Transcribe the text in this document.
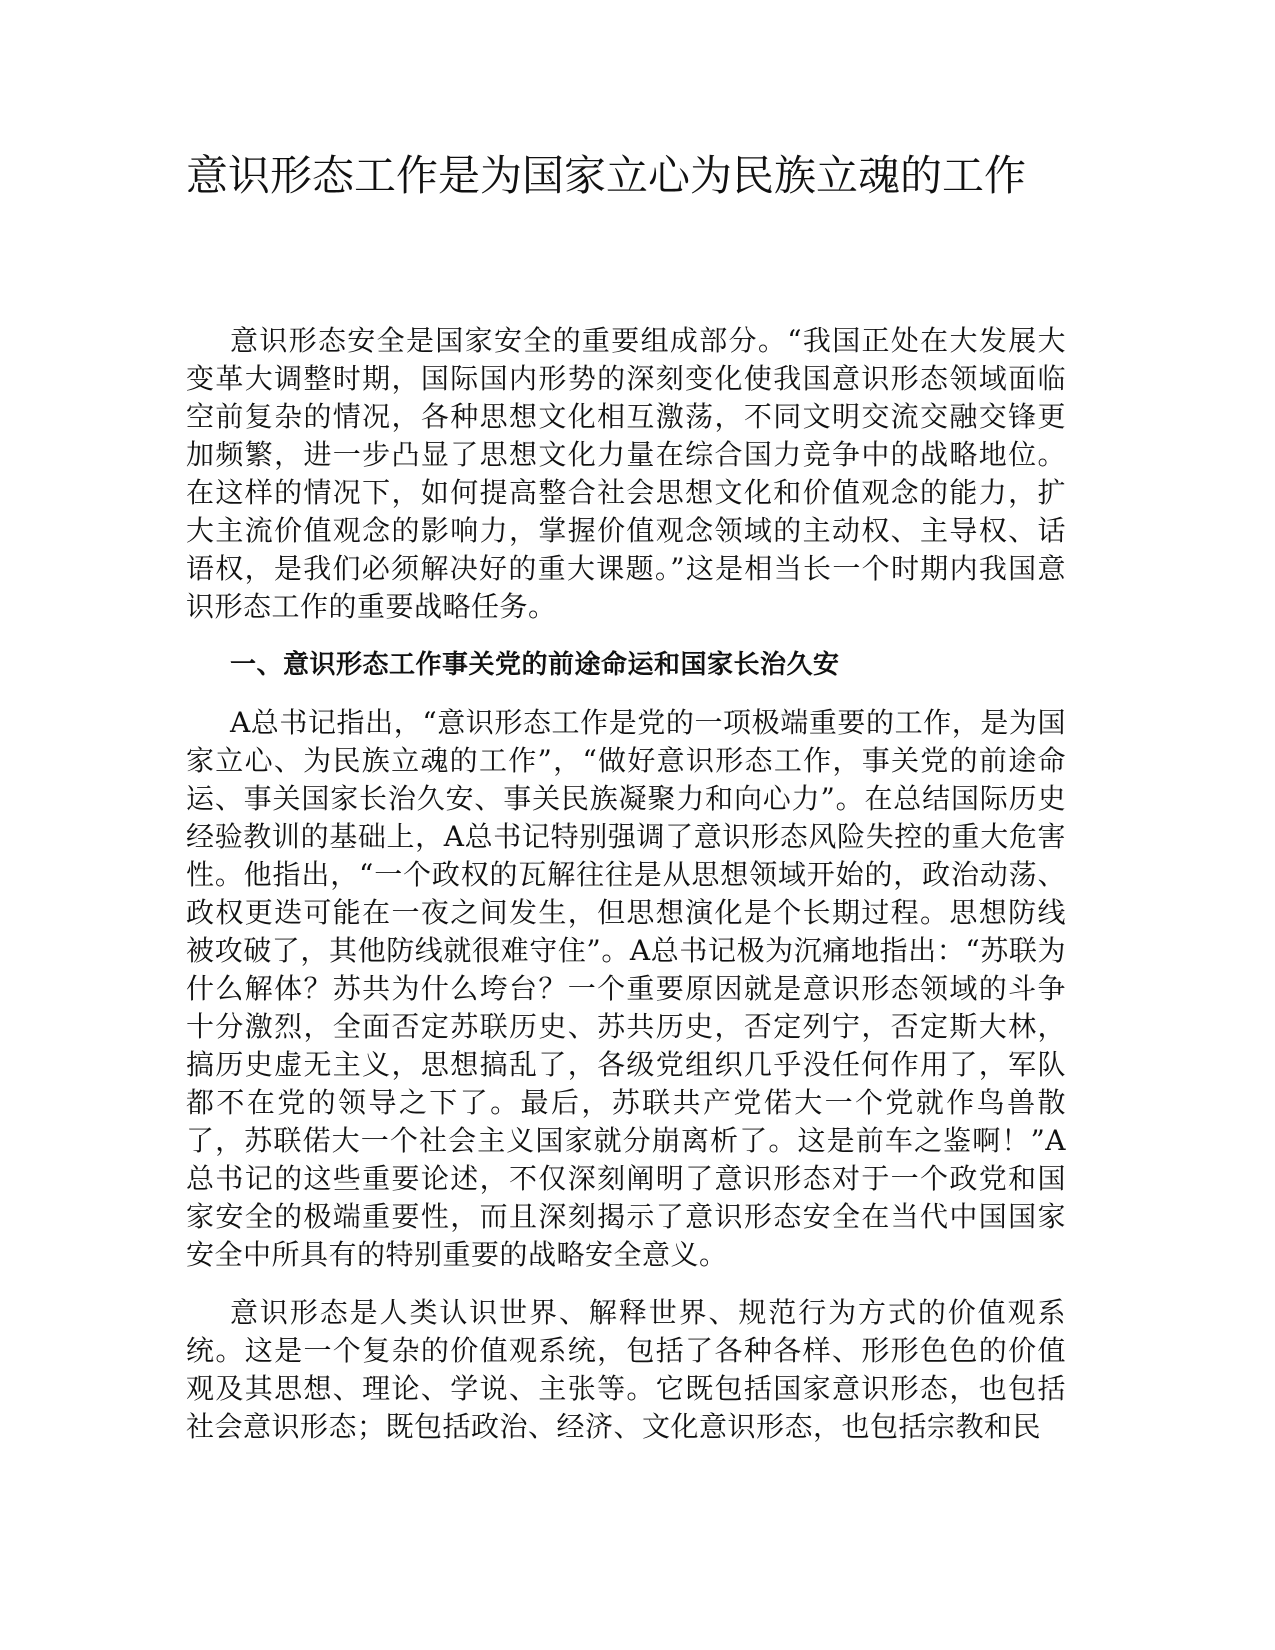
意识形态工作是为国家立心为民族立魂的工作

意识形态安全是国家安全的重要组成部分。“我国正处在大发展大变革大调整时期，国际国内形势的深刻变化使我国意识形态领域面临空前复杂的情况，各种思想文化相互激荡，不同文明交流交融交锋更加频繁，进一步凸显了思想文化力量在综合国力竞争中的战略地位。在这样的情况下，如何提高整合社会思想文化和价值观念的能力，扩大主流价值观念的影响力，掌握价值观念领域的主动权、主导权、话语权，是我们必须解决好的重大课题。”这是相当长一个时期内我国意识形态工作的重要战略任务。

一、意识形态工作事关党的前途命运和国家长治久安

A总书记指出，“意识形态工作是党的一项极端重要的工作，是为国家立心、为民族立魂的工作”，“做好意识形态工作，事关党的前途命运、事关国家长治久安、事关民族凝聚力和向心力”。在总结国际历史经验教训的基础上，A总书记特别强调了意识形态风险失控的重大危害性。他指出，“一个政权的瓦解往往是从思想领域开始的，政治动荡、政权更迭可能在一夜之间发生，但思想演化是个长期过程。思想防线被攻破了，其他防线就很难守住”。A总书记极为沉痛地指出：“苏联为什么解体？苏共为什么垮台？一个重要原因就是意识形态领域的斗争十分激烈，全面否定苏联历史、苏共历史，否定列宁，否定斯大林，搞历史虚无主义，思想搞乱了，各级党组织几乎没任何作用了，军队都不在党的领导之下了。最后，苏联共产党偌大一个党就作鸟兽散了，苏联偌大一个社会主义国家就分崩离析了。这是前车之鉴啊！”A总书记的这些重要论述，不仅深刻阐明了意识形态对于一个政党和国家安全的极端重要性，而且深刻揭示了意识形态安全在当代中国国家安全中所具有的特别重要的战略安全意义。

意识形态是人类认识世界、解释世界、规范行为方式的价值观系统。这是一个复杂的价值观系统，包括了各种各样、形形色色的价值观及其思想、理论、学说、主张等。它既包括国家意识形态，也包括社会意识形态；既包括政治、经济、文化意识形态，也包括宗教和民
